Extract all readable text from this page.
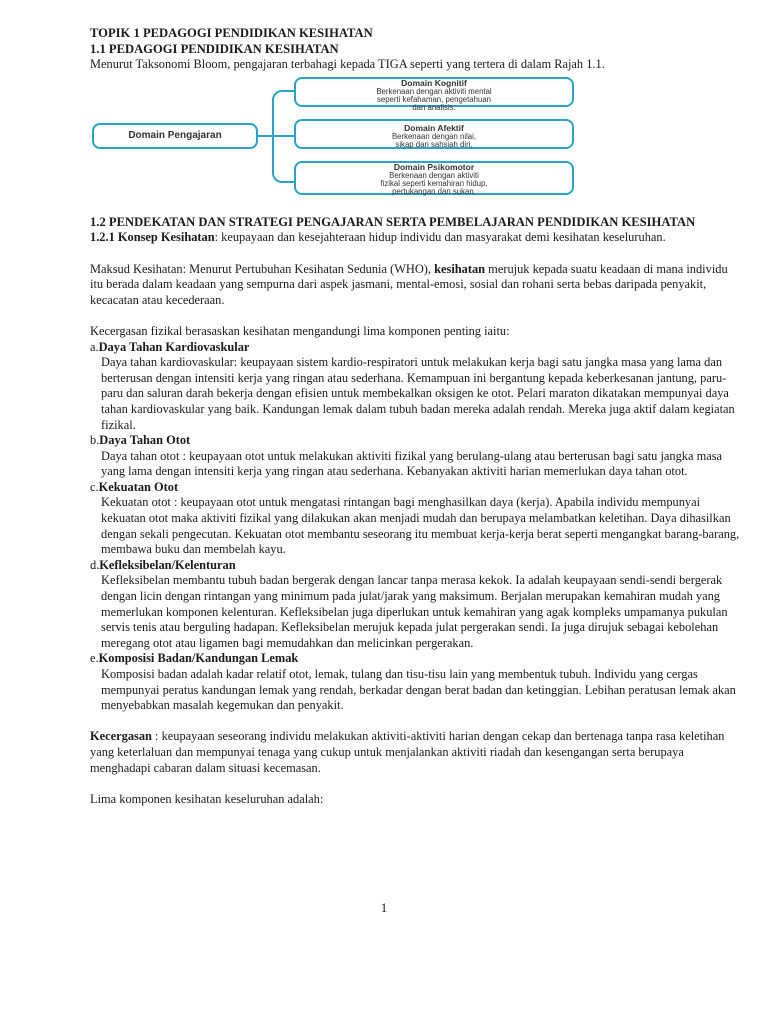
TOPIK 1 PEDAGOGI PENDIDIKAN KESIHATAN

1.1 PEDAGOGI PENDIDIKAN KESIHATAN

Menurut Taksonomi Bloom, pengajaran terbahagi kepada TIGA seperti yang tertera di dalam Rajah 1.1.

Domain Pengajaran
Domain Kognitif
Berkenaan dengan aktiviti mental
seperti kefahaman, pengetahuan
dan analisis.
Domain Afektif
Berkenaan dengan nilai,
sikap dan sahsiah diri.
Domain Psikomotor
Berkenaan dengan aktiviti
fizikal seperti kemahiran hidup,
pertukangan dan sukan.

1.2 PENDEKATAN DAN STRATEGI PENGAJARAN SERTA PEMBELAJARAN PENDIDIKAN KESIHATAN

1.2.1 Konsep Kesihatan: keupayaan dan kesejahteraan hidup individu dan masyarakat demi kesihatan keseluruhan.

Maksud Kesihatan: Menurut Pertubuhan Kesihatan Sedunia (WHO), kesihatan merujuk kepada suatu keadaan di mana individu itu berada dalam keadaan yang sempurna dari aspek jasmani, mental-emosi, sosial dan rohani serta bebas daripada penyakit, kecacatan atau kecederaan.

Kecergasan fizikal berasaskan kesihatan mengandungi lima komponen penting iaitu:

a.Daya Tahan Kardiovaskular

Daya tahan kardiovaskular: keupayaan sistem kardio-respiratori untuk melakukan kerja bagi satu jangka masa yang lama dan berterusan dengan intensiti kerja yang ringan atau sederhana. Kemampuan ini bergantung kepada keberkesanan jantung, paru-paru dan saluran darah bekerja dengan efisien untuk membekalkan oksigen ke otot. Pelari maraton dikatakan mempunyai daya tahan kardiovaskular yang baik. Kandungan lemak dalam tubuh badan mereka adalah rendah. Mereka juga aktif dalam kegiatan fizikal.

b.Daya Tahan Otot

Daya tahan otot : keupayaan otot untuk melakukan aktiviti fizikal yang berulang-ulang atau berterusan bagi satu jangka masa yang lama dengan intensiti kerja yang ringan atau sederhana. Kebanyakan aktiviti harian memerlukan daya tahan otot.

c.Kekuatan Otot

Kekuatan otot : keupayaan otot untuk mengatasi rintangan bagi menghasilkan daya (kerja). Apabila individu mempunyai kekuatan otot maka aktiviti fizikal yang dilakukan akan menjadi mudah dan berupaya melambatkan keletihan. Daya dihasilkan dengan sekali pengecutan. Kekuatan otot membantu seseorang itu membuat kerja-kerja berat seperti mengangkat barang-barang, membawa buku dan membelah kayu.

d.Kefleksibelan/Kelenturan

Kefleksibelan membantu tubuh badan bergerak dengan lancar tanpa merasa kekok. Ia adalah keupayaan sendi-sendi bergerak dengan licin dengan rintangan yang minimum pada julat/jarak yang maksimum. Berjalan merupakan kemahiran mudah yang memerlukan komponen kelenturan. Kefleksibelan juga diperlukan untuk kemahiran yang agak kompleks umpamanya pukulan servis tenis atau berguling hadapan. Kefleksibelan merujuk kepada julat pergerakan sendi. Ia juga dirujuk sebagai kebolehan meregang otot atau ligamen bagi memudahkan dan melicinkan pergerakan.

e.Komposisi Badan/Kandungan Lemak

Komposisi badan adalah kadar relatif otot, lemak, tulang dan tisu-tisu lain yang membentuk tubuh. Individu yang cergas mempunyai peratus kandungan lemak yang rendah, berkadar dengan berat badan dan ketinggian. Lebihan peratusan lemak akan menyebabkan masalah kegemukan dan penyakit.

Kecergasan : keupayaan seseorang individu melakukan aktiviti-aktiviti harian dengan cekap dan bertenaga tanpa rasa keletihan yang keterlaluan dan mempunyai tenaga yang cukup untuk menjalankan aktiviti riadah dan kesengangan serta berupaya menghadapi cabaran dalam situasi kecemasan.

Lima komponen kesihatan keseluruhan adalah:

1
